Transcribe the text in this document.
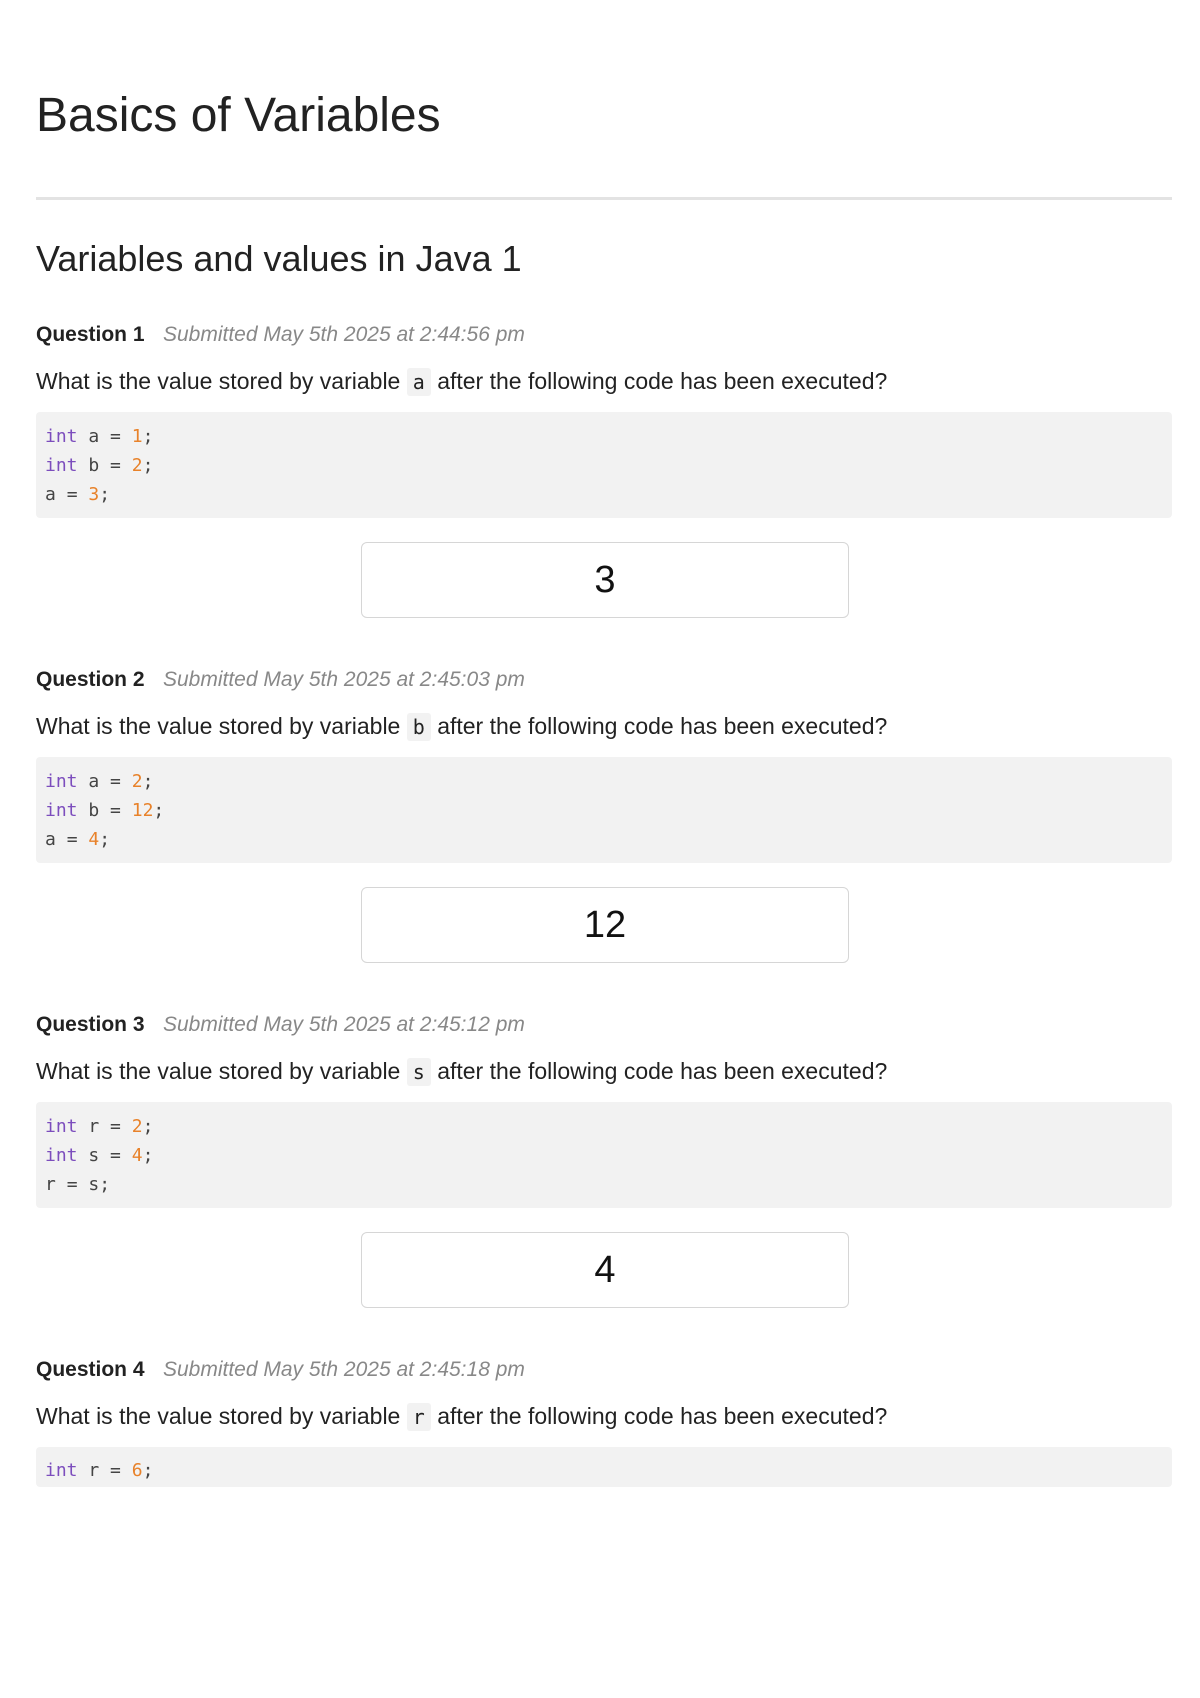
Basics of Variables
Variables and values in Java 1
Question 1 Submitted May 5th 2025 at 2:44:56 pm
What is the value stored by variable a after the following code has been executed?
int a = 1;
int b = 2;
a = 3;
3
Question 2 Submitted May 5th 2025 at 2:45:03 pm
What is the value stored by variable b after the following code has been executed?
int a = 2;
int b = 12;
a = 4;
12
Question 3 Submitted May 5th 2025 at 2:45:12 pm
What is the value stored by variable s after the following code has been executed?
int r = 2;
int s = 4;
r = s;
4
Question 4 Submitted May 5th 2025 at 2:45:18 pm
What is the value stored by variable r after the following code has been executed?
int r = 6;
